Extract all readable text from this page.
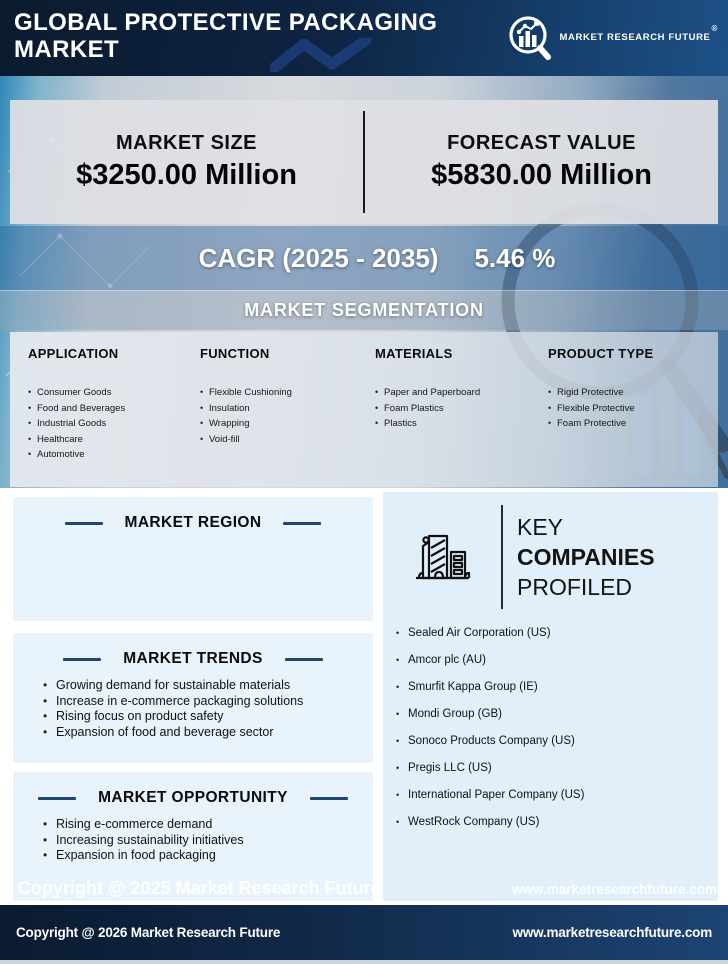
GLOBAL PROTECTIVE PACKAGING MARKET	MARKET RESEARCH FUTURE®
MARKET SIZE
$3250.00 Million
FORECAST VALUE
$5830.00 Million
CAGR (2025 - 2035) 5.46 %
MARKET SEGMENTATION
APPLICATION
•
Consumer Goods
•
Food and Beverages
•
Industrial Goods
•
Healthcare
•
Automotive
FUNCTION
•
Flexible Cushioning
•
Insulation
•
Wrapping
•
Void-fill
MATERIALS
•
Paper and Paperboard
•
Foam Plastics
•
Plastics
PRODUCT TYPE
•
Rigid Protective
•
Flexible Protective
•
Foam Protective
MARKET REGION
MARKET TRENDS
•
Growing demand for sustainable materials
•
Increase in e-commerce packaging solutions
•
Rising focus on product safety
•
Expansion of food and beverage sector
MARKET OPPORTUNITY
•
Rising e-commerce demand
•
Increasing sustainability initiatives
•
Expansion in food packaging
KEY
COMPANIES
PROFILED
•
Sealed Air Corporation (US)
•
Amcor plc (AU)
•
Smurfit Kappa Group (IE)
•
Mondi Group (GB)
•
Sonoco Products Company (US)
•
Pregis LLC (US)
•
International Paper Company (US)
•
WestRock Company (US)
Copyright @ 2025 Market Research Future	www.marketresearchfuture.com
Copyright @ 2026 Market Research Future	www.marketresearchfuture.com
